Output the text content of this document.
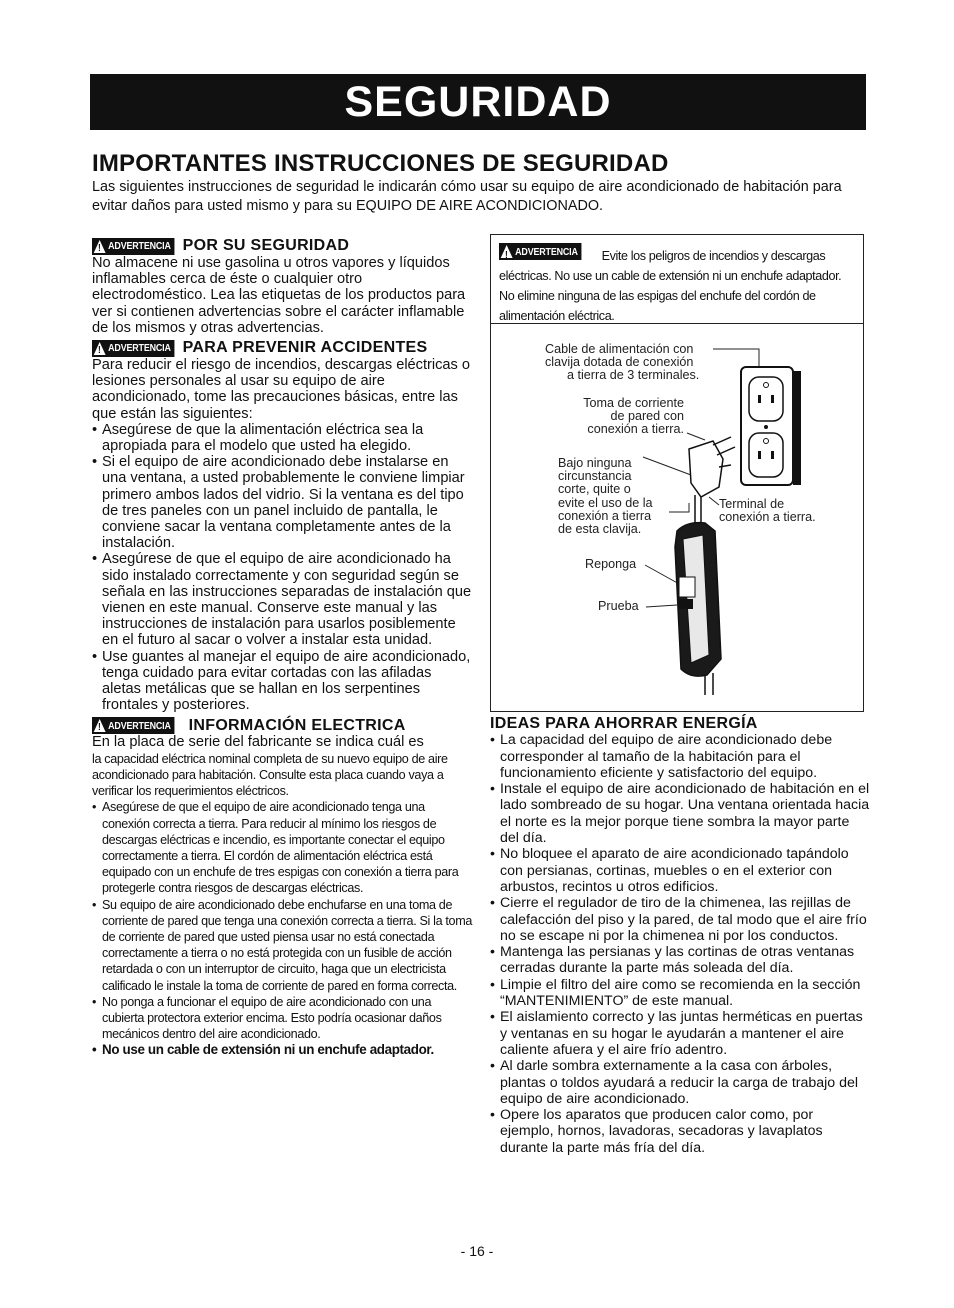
SEGURIDAD
IMPORTANTES INSTRUCCIONES DE SEGURIDAD

Las siguientes instrucciones de seguridad le indicarán cómo usar su equipo de aire acondicionado de habitación para evitar daños para usted mismo y para su EQUIPO DE AIRE ACONDICIONADO.

!
ADVERTENCIA POR SU SEGURIDAD

No almacene ni use gasolina u otros vapores y líquidos inflamables cerca de éste o cualquier otro electrodoméstico. Lea las etiquetas de los productos para ver si contienen advertencias sobre el carácter inflamable de los mismos y otras advertencias.

!
ADVERTENCIA PARA PREVENIR ACCIDENTES

Para reducir el riesgo de incendios, descargas eléctricas o lesiones personales al usar su equipo de aire acondicionado, tome las precauciones básicas, entre las que están las siguientes:

• Asegúrese de que la alimentación eléctrica sea la apropiada para el modelo que usted ha elegido.
• Si el equipo de aire acondicionado debe instalarse en una ventana, a usted probablemente le conviene limpiar primero ambos lados del vidrio. Si la ventana es del tipo de tres paneles con un panel incluido de pantalla, le conviene sacar la ventana completamente antes de la instalación.
• Asegúrese de que el equipo de aire acondicionado ha sido instalado correctamente y con seguridad según se señala en las instrucciones separadas de instalación que vienen en este manual. Conserve este manual y las instrucciones de instalación para usarlos posiblemente en el futuro al sacar o volver a instalar esta unidad.
• Use guantes al manejar el equipo de aire acondicionado, tenga cuidado para evitar cortadas con las afiladas aletas metálicas que se hallan en los serpentines frontales y posteriores.
!
ADVERTENCIA INFORMACIÓN ELECTRICA

En la placa de serie del fabricante se indica cuál es

la capacidad eléctrica nominal completa de su nuevo equipo de aire acondicionado para habitación. Consulte esta placa cuando vaya a verificar los requerimientos eléctricos.

• Asegúrese de que el equipo de aire acondicionado tenga una conexión correcta a tierra. Para reducir al mínimo los riesgos de descargas eléctricas e incendio, es importante conectar el equipo correctamente a tierra. El cordón de alimentación eléctrica está equipado con un enchufe de tres espigas con conexión a tierra para protegerle contra riesgos de descargas eléctricas.
• Su equipo de aire acondicionado debe enchufarse en una toma de corriente de pared que tenga una conexión correcta a tierra. Si la toma de corriente de pared que usted piensa usar no está conectada correctamente a tierra o no está protegida con un fusible de acción retardada o con un interruptor de circuito, haga que un electricista calificado le instale la toma de corriente de pared en forma correcta.
• No ponga a funcionar el equipo de aire acondicionado con una cubierta protectora exterior encima. Esto podría ocasionar daños mecánicos dentro del aire acondicionado.
• No use un cable de extensión ni un enchufe adaptador.
!
ADVERTENCIA Evite los peligros de incendios y descargas eléctricas. No use un cable de extensión ni un enchufe adaptador. No elimine ninguna de las espigas del enchufe del cordón de alimentación eléctrica.
Cable de alimentación con
clavija dotada de conexión
a tierra de 3 terminales.
Toma de corriente
de pared con
conexión a tierra.
Bajo ninguna
circunstancia
corte, quite o
evite el uso de la
conexión a tierra
de esta clavija.
Terminal de
conexión a tierra.
Reponga
Prueba
IDEAS PARA AHORRAR ENERGÍA
• La capacidad del equipo de aire acondicionado debe corresponder al tamaño de la habitación para el funcionamiento eficiente y satisfactorio del equipo.
• Instale el equipo de aire acondicionado de habitación en el lado sombreado de su hogar. Una ventana orientada hacia el norte es la mejor porque tiene sombra la mayor parte del día.
• No bloquee el aparato de aire acondicionado tapándolo con persianas, cortinas, muebles o en el exterior con arbustos, recintos u otros edificios.
• Cierre el regulador de tiro de la chimenea, las rejillas de calefacción del piso y la pared, de tal modo que el aire frío no se escape ni por la chimenea ni por los conductos.
• Mantenga las persianas y las cortinas de otras ventanas cerradas durante la parte más soleada del día.
• Limpie el filtro del aire como se recomienda en la sección “MANTENIMIENTO” de este manual.
• El aislamiento correcto y las juntas herméticas en puertas y ventanas en su hogar le ayudarán a mantener el aire caliente afuera y el aire frío adentro.
• Al darle sombra externamente a la casa con árboles, plantas o toldos ayudará a reducir la carga de trabajo del equipo de aire acondicionado.
• Opere los aparatos que producen calor como, por ejemplo, hornos, lavadoras, secadoras y lavaplatos durante la parte más fría del día.
- 16 -
